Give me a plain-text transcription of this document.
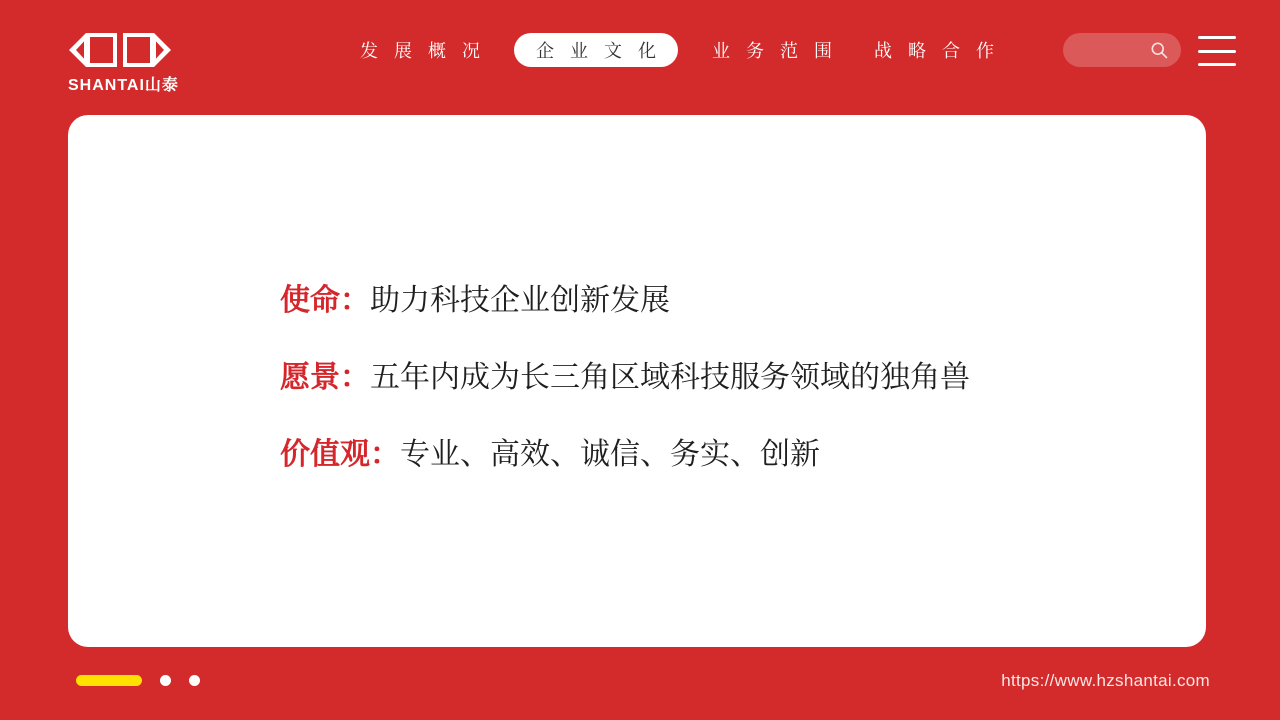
SHANTAI山泰
发展概况 企业文化 业务范围 战略合作
使命：助力科技企业创新发展
愿景：五年内成为长三角区域科技服务领域的独角兽
价值观：专业、高效、诚信、务实、创新
https://www.hzshantai.com
